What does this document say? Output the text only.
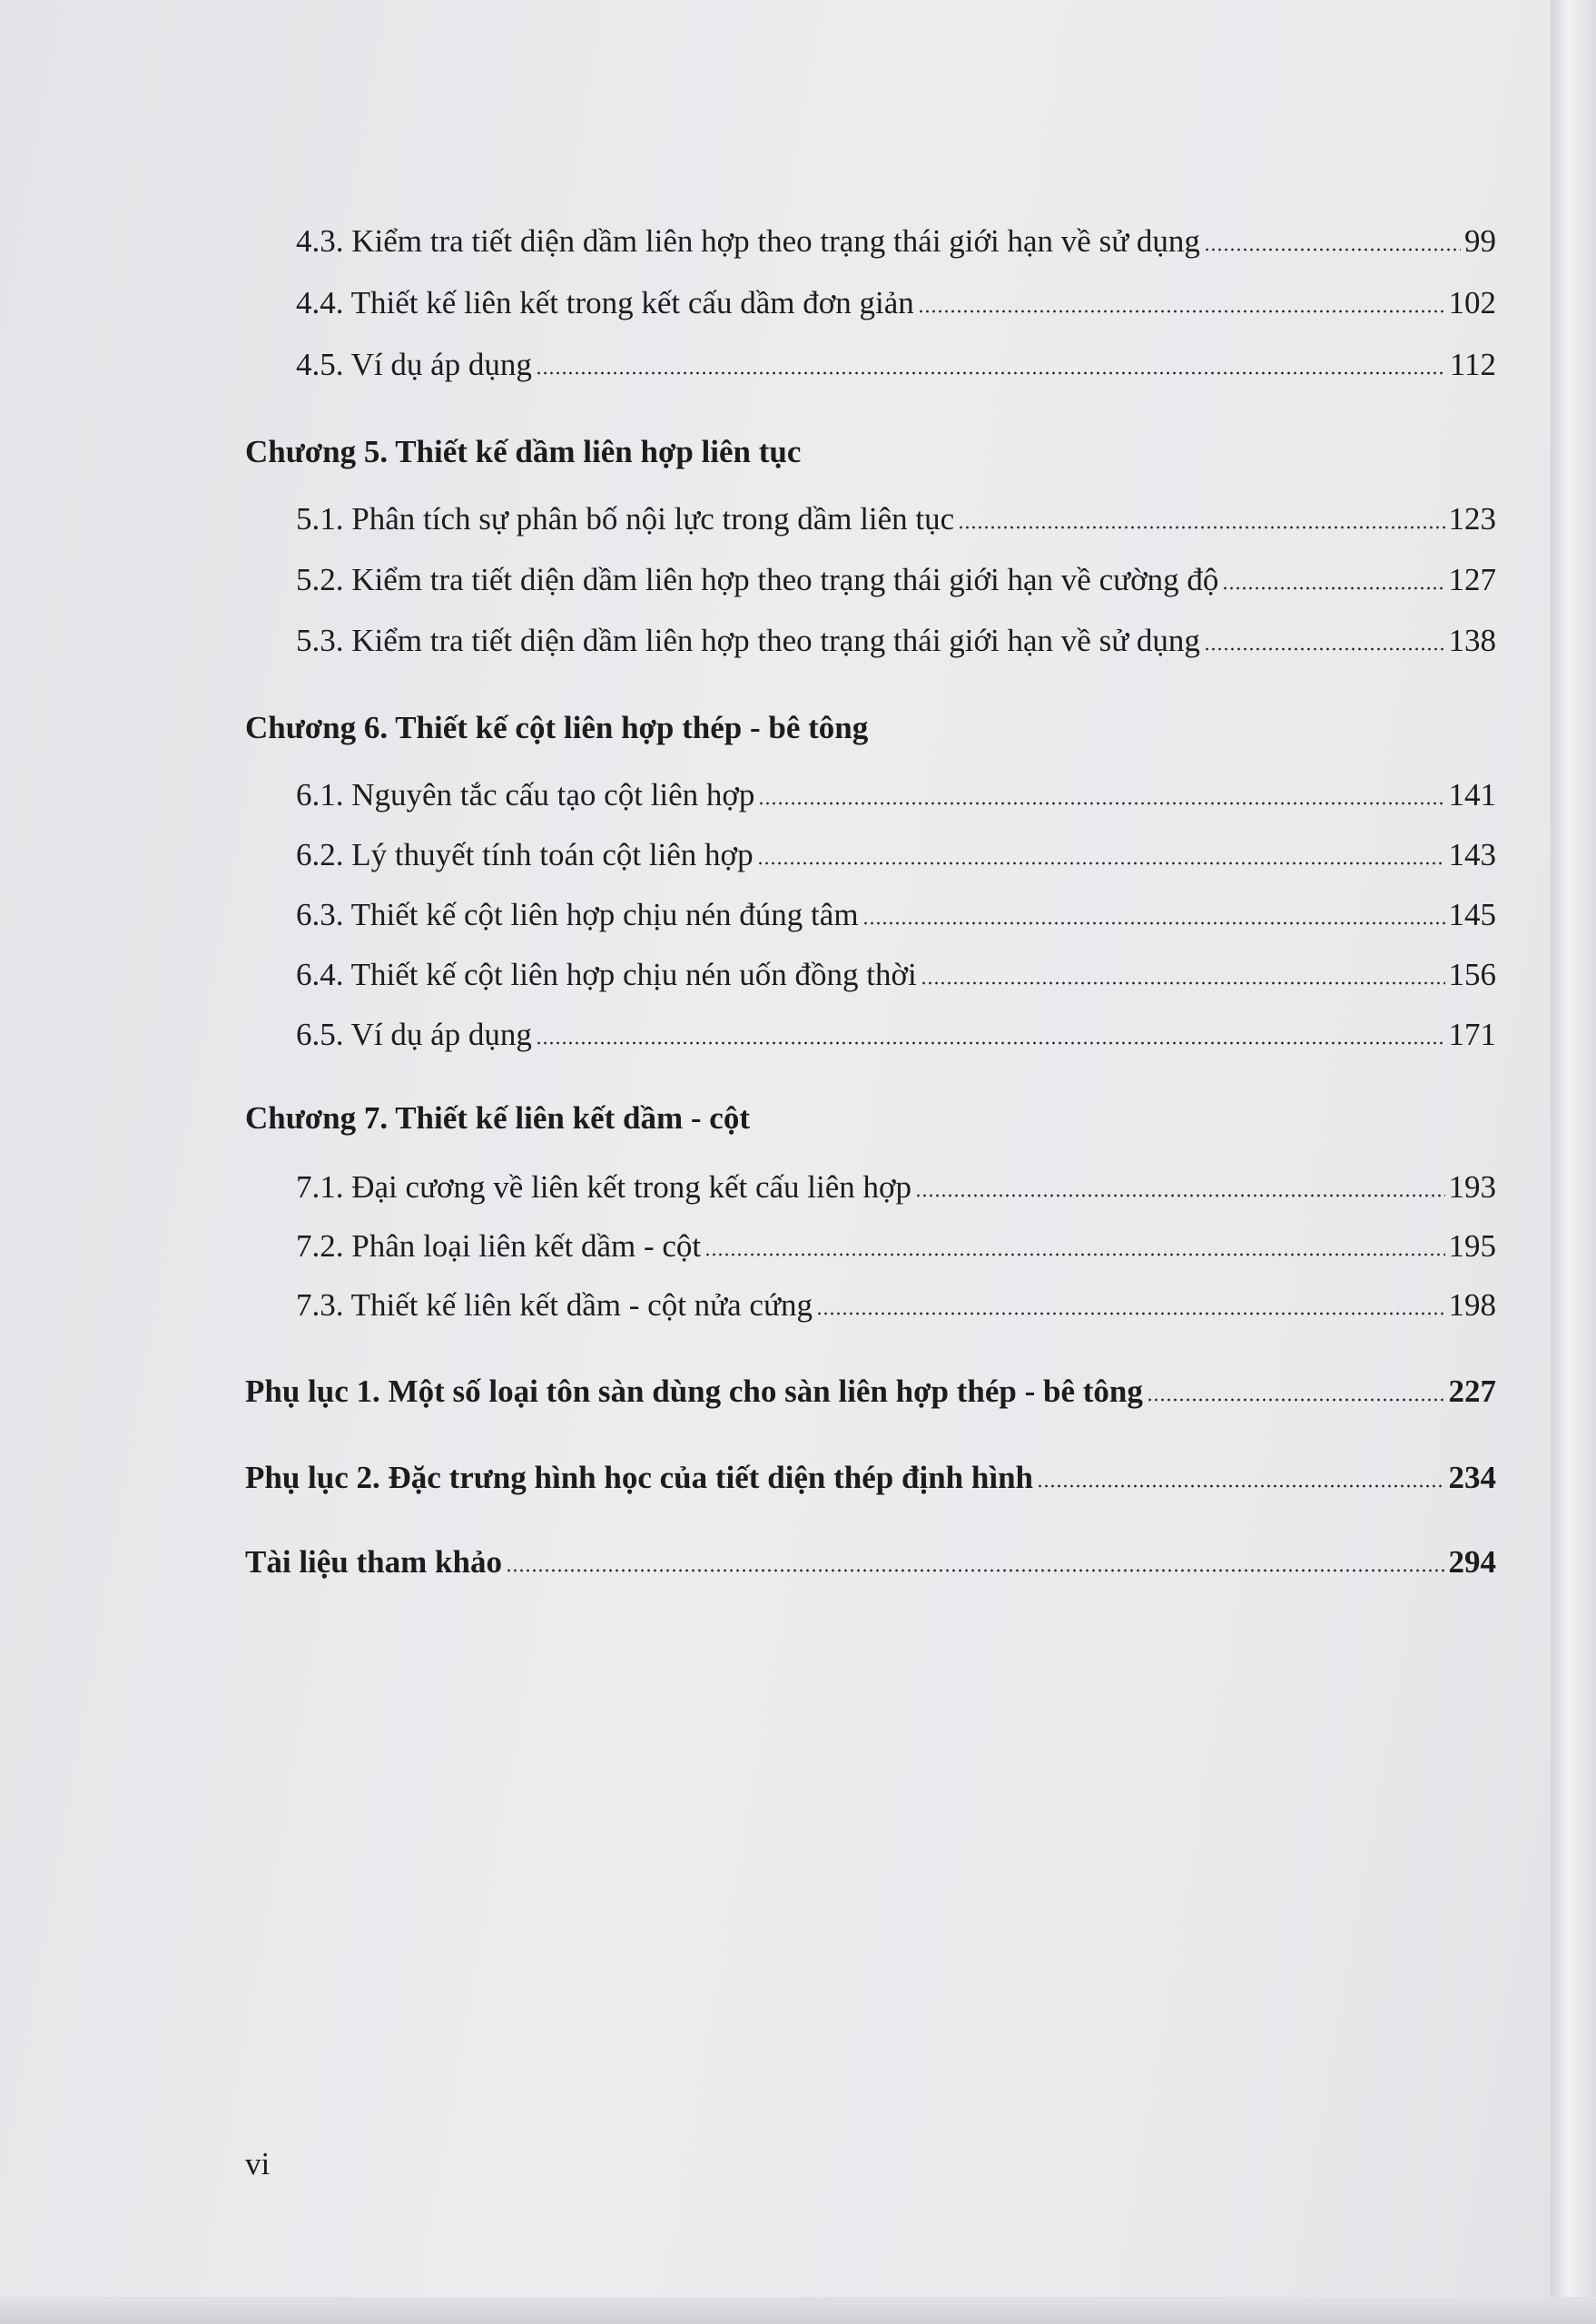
4.3. Kiểm tra tiết diện dầm liên hợp theo trạng thái giới hạn về sử dụng	99
4.4. Thiết kế liên kết trong kết cấu dầm đơn giản	102
4.5. Ví dụ áp dụng	112
Chương 5. Thiết kế dầm liên hợp liên tục
5.1. Phân tích sự phân bố nội lực trong dầm liên tục	123
5.2. Kiểm tra tiết diện dầm liên hợp theo trạng thái giới hạn về cường độ	127
5.3. Kiểm tra tiết diện dầm liên hợp theo trạng thái giới hạn về sử dụng	138
Chương 6. Thiết kế cột liên hợp thép - bê tông
6.1. Nguyên tắc cấu tạo cột liên hợp	141
6.2. Lý thuyết tính toán cột liên hợp	143
6.3. Thiết kế cột liên hợp chịu nén đúng tâm	145
6.4. Thiết kế cột liên hợp chịu nén uốn đồng thời	156
6.5. Ví dụ áp dụng	171
Chương 7. Thiết kế liên kết dầm - cột
7.1. Đại cương về liên kết trong kết cấu liên hợp	193
7.2. Phân loại liên kết dầm - cột	195
7.3. Thiết kế liên kết dầm - cột nửa cứng	198
Phụ lục 1. Một số loại tôn sàn dùng cho sàn liên hợp thép - bê tông	227
Phụ lục 2. Đặc trưng hình học của tiết diện thép định hình	234
Tài liệu tham khảo	294
vi
